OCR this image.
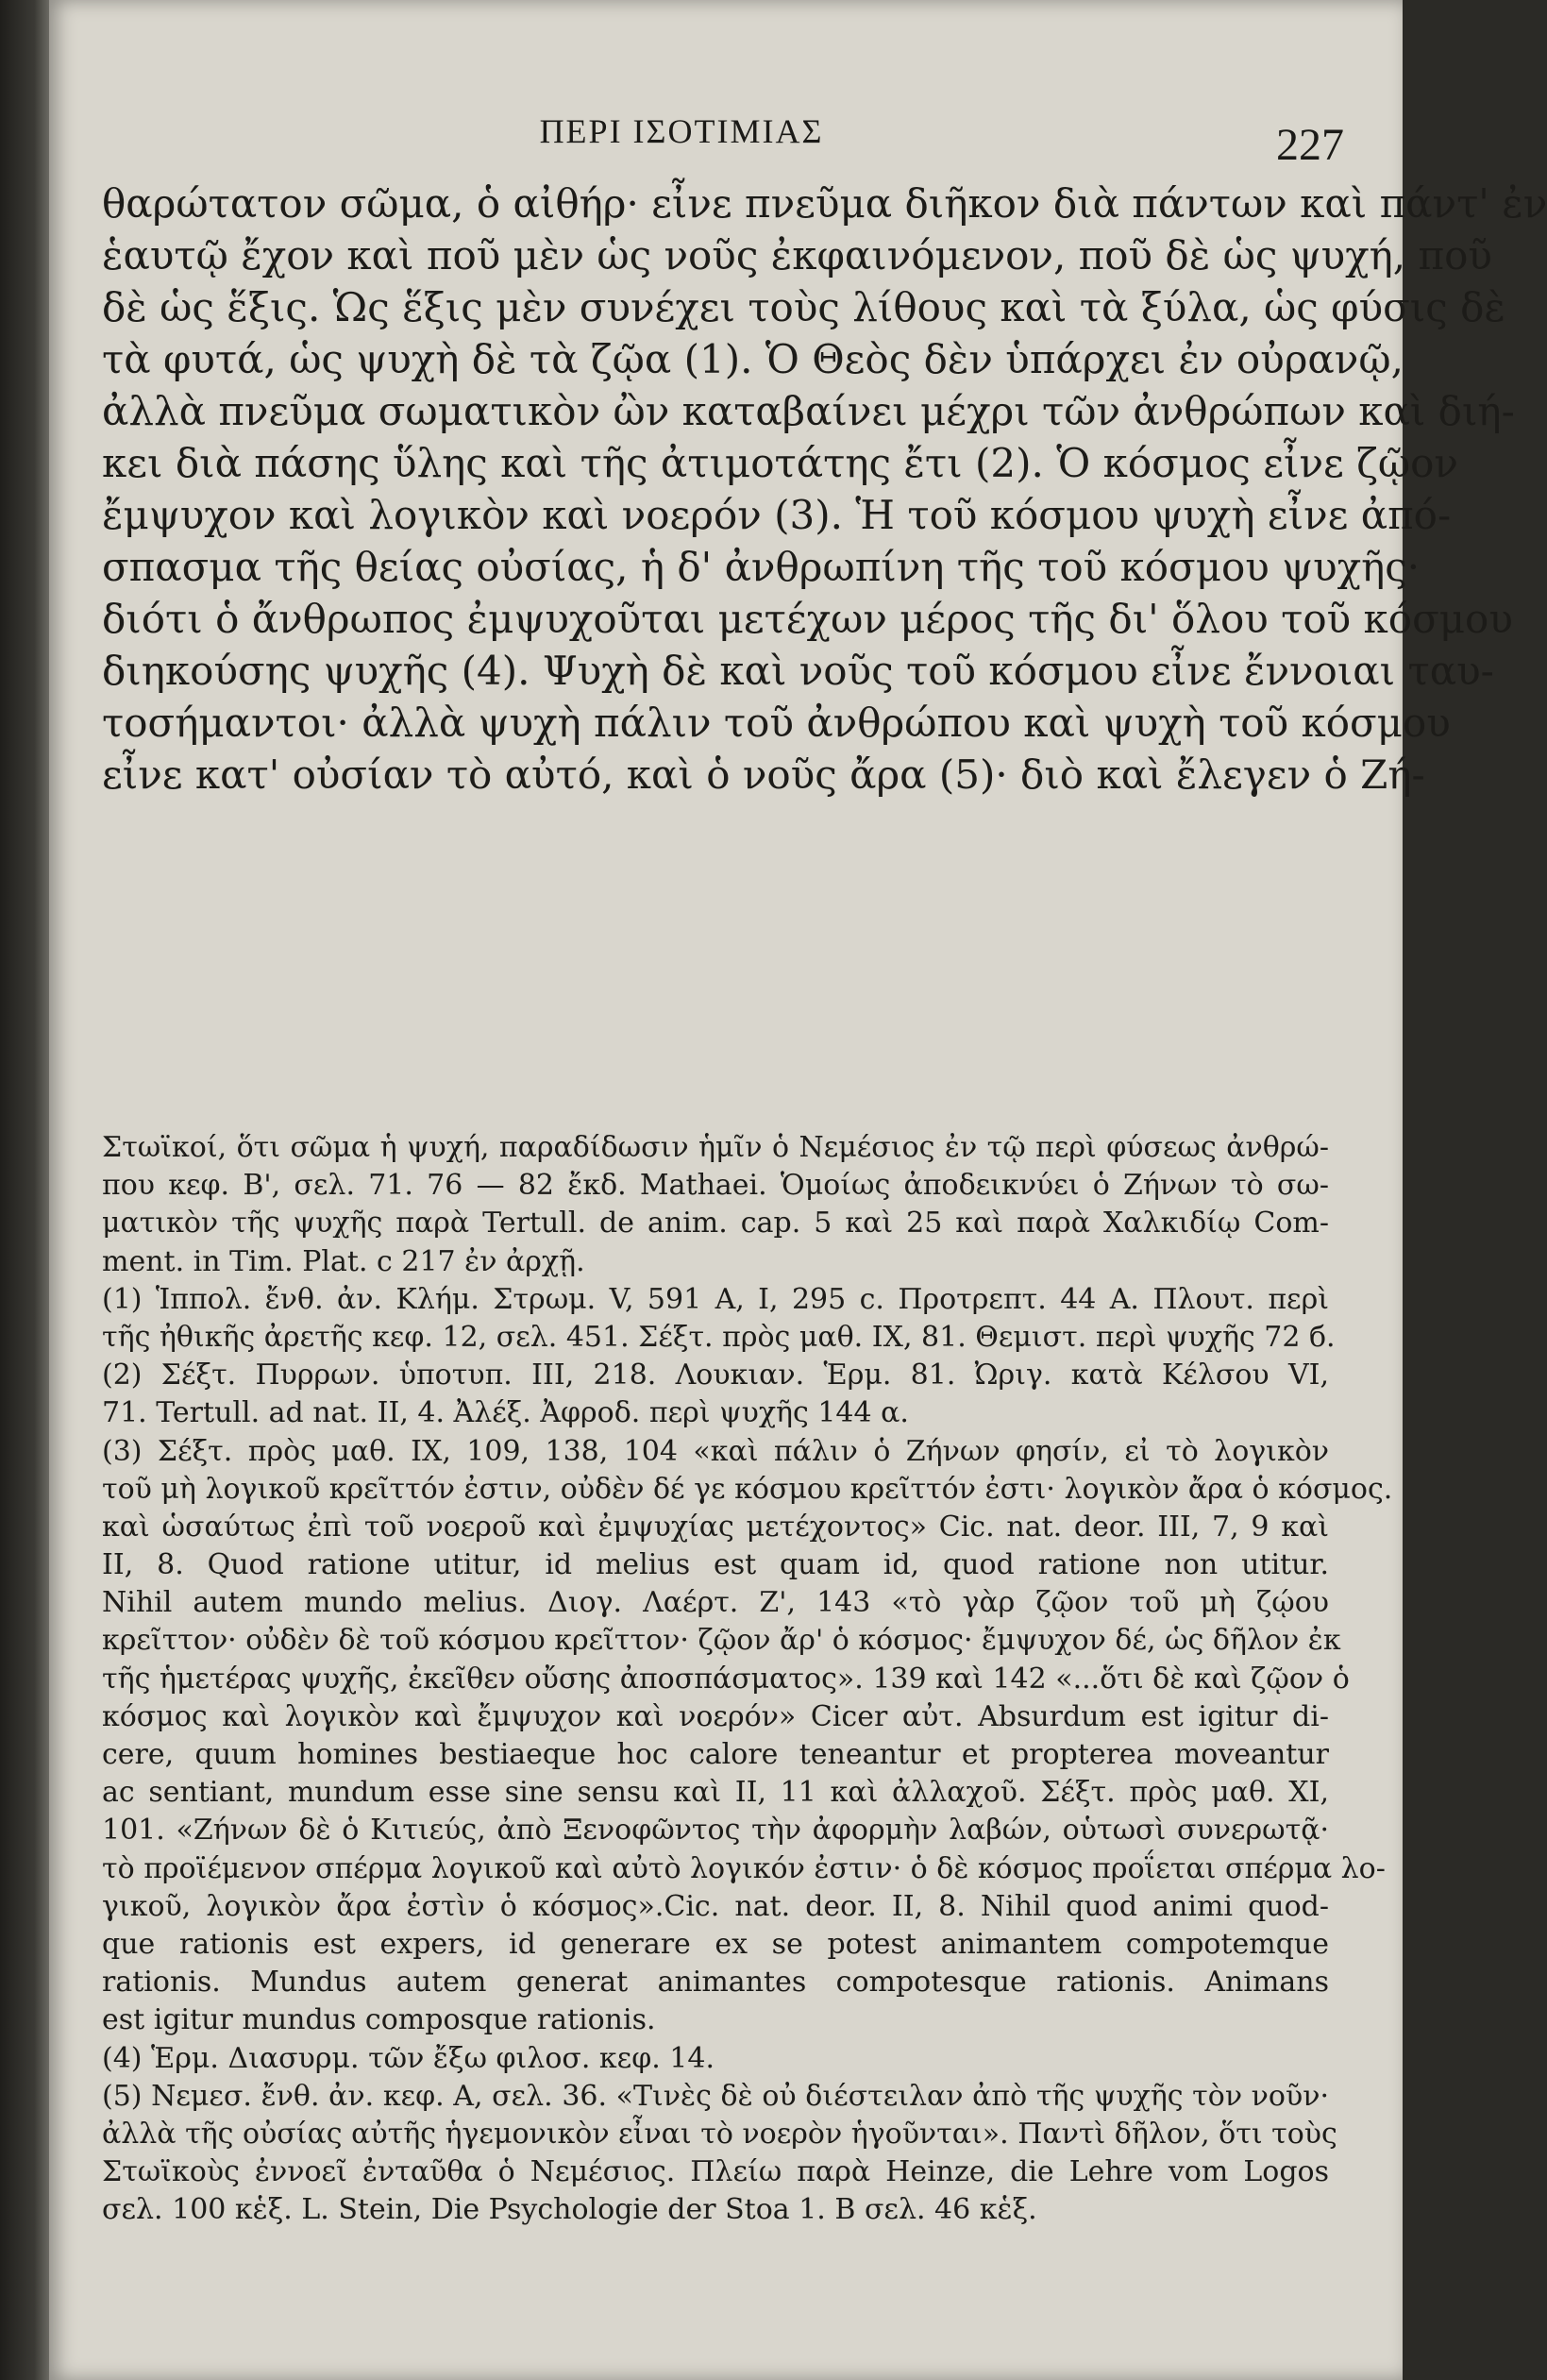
ΠΕΡΙ ΙΣΟΤΙΜΙΑΣ	227
θαρώτατον σῶμα, ὁ αἰθήρ· εἶνε πνεῦμα διῆκον διὰ πάντων καὶ πάντ' ἐν
ἑαυτῷ ἔχον καὶ ποῦ μὲν ὡς νοῦς ἐκφαινόμενον, ποῦ δὲ ὡς ψυχή, ποῦ
δὲ ὡς ἕξις. Ὡς ἕξις μὲν συνέχει τοὺς λίθους καὶ τὰ ξύλα, ὡς φύσις δὲ
τὰ φυτά, ὡς ψυχὴ δὲ τὰ ζῷα (1). Ὁ Θεὸς δὲν ὑπάρχει ἐν οὐρανῷ,
ἀλλὰ πνεῦμα σωματικὸν ὢν καταβαίνει μέχρι τῶν ἀνθρώπων καὶ διή-
κει διὰ πάσης ὕλης καὶ τῆς ἀτιμοτάτης ἔτι (2). Ὁ κόσμος εἶνε ζῷον
ἔμψυχον καὶ λογικὸν καὶ νοερόν (3). Ἡ τοῦ κόσμου ψυχὴ εἶνε ἀπό-
σπασμα τῆς θείας οὐσίας, ἡ δ' ἀνθρωπίνη τῆς τοῦ κόσμου ψυχῆς·
διότι ὁ ἄνθρωπος ἐμψυχοῦται μετέχων μέρος τῆς δι' ὅλου τοῦ κόσμου
διηκούσης ψυχῆς (4). Ψυχὴ δὲ καὶ νοῦς τοῦ κόσμου εἶνε ἔννοιαι ταυ-
τοσήμαντοι· ἀλλὰ ψυχὴ πάλιν τοῦ ἀνθρώπου καὶ ψυχὴ τοῦ κόσμου
εἶνε κατ' οὐσίαν τὸ αὐτό, καὶ ὁ νοῦς ἄρα (5)· διὸ καὶ ἔλεγεν ὁ Ζή-
Στωϊκοί, ὅτι σῶμα ἡ ψυχή, παραδίδωσιν ἡμῖν ὁ Νεμέσιος ἐν τῷ περὶ φύσεως ἀνθρώ-
που κεφ. Β', σελ. 71. 76 — 82 ἔκδ. Mathaei. Ὁμοίως ἀποδεικνύει ὁ Ζήνων τὸ σω-
ματικὸν τῆς ψυχῆς παρὰ Tertull. de anim. cap. 5 καὶ 25 καὶ παρὰ Χαλκιδίῳ Com-
ment. in Tim. Plat. c 217 ἐν ἀρχῇ.
(1) Ἱππολ. ἔνθ. ἀν. Κλήμ. Στρωμ. V, 591 A, I, 295 c. Προτρεπτ. 44 A. Πλουτ. περὶ
τῆς ἠθικῆς ἀρετῆς κεφ. 12, σελ. 451. Σέξτ. πρὸς μαθ. IX, 81. Θεμιστ. περὶ ψυχῆς 72 б.
(2) Σέξτ. Πυρρων. ὑποτυπ. III, 218. Λουκιαν. Ἑρμ. 81. Ὠριγ. κατὰ Κέλσου VI,
71. Tertull. ad nat. II, 4. Ἀλέξ. Ἀφροδ. περὶ ψυχῆς 144 α.
(3) Σέξτ. πρὸς μαθ. IX, 109, 138, 104 «καὶ πάλιν ὁ Ζήνων φησίν, εἰ τὸ λογικὸν
τοῦ μὴ λογικοῦ κρεῖττόν ἐστιν, οὐδὲν δέ γε κόσμου κρεῖττόν ἐστι· λογικὸν ἄρα ὁ κόσμος.
καὶ ὡσαύτως ἐπὶ τοῦ νοεροῦ καὶ ἐμψυχίας μετέχοντος» Cic. nat. deor. III, 7, 9 καὶ
II, 8. Quod ratione utitur, id melius est quam id, quod ratione non utitur.
Nihil autem mundo melius. Διογ. Λαέρτ. Ζ', 143 «τὸ γὰρ ζῷον τοῦ μὴ ζῴου
κρεῖττον· οὐδὲν δὲ τοῦ κόσμου κρεῖττον· ζῷον ἄρ' ὁ κόσμος· ἔμψυχον δέ, ὡς δῆλον ἐκ
τῆς ἡμετέρας ψυχῆς, ἐκεῖθεν οὔσης ἀποσπάσματος». 139 καὶ 142 «...ὅτι δὲ καὶ ζῷον ὁ
κόσμος καὶ λογικὸν καὶ ἔμψυχον καὶ νοερόν» Cicer αὐτ. Absurdum est igitur di-
cere, quum homines bestiaeque hoc calore teneantur et propterea moveantur
ac sentiant, mundum esse sine sensu καὶ II, 11 καὶ ἀλλαχοῦ. Σέξτ. πρὸς μαθ. XI,
101. «Ζήνων δὲ ὁ Κιτιεύς, ἀπὸ Ξενοφῶντος τὴν ἀφορμὴν λαβών, οὑτωσὶ συνερωτᾷ·
τὸ προϊέμενον σπέρμα λογικοῦ καὶ αὐτὸ λογικόν ἐστιν· ὁ δὲ κόσμος προΐεται σπέρμα λο-
γικοῦ, λογικὸν ἄρα ἐστὶν ὁ κόσμος».Cic. nat. deor. II, 8. Nihil quod animi quod-
que rationis est expers, id generare ex se potest animantem compotemque
rationis. Mundus autem generat animantes compotesque rationis. Animans
est igitur mundus composque rationis.
(4) Ἑρμ. Διασυρμ. τῶν ἔξω φιλοσ. κεφ. 14.
(5) Νεμεσ. ἔνθ. ἀν. κεφ. A, σελ. 36. «Τινὲς δὲ οὐ διέστειλαν ἀπὸ τῆς ψυχῆς τὸν νοῦν·
ἀλλὰ τῆς οὐσίας αὐτῆς ἡγεμονικὸν εἶναι τὸ νοερὸν ἡγοῦνται». Παντὶ δῆλον, ὅτι τοὺς
Στωϊκοὺς ἐννοεῖ ἐνταῦθα ὁ Νεμέσιος. Πλείω παρὰ Heinze, die Lehre vom Logos
σελ. 100 κἑξ. L. Stein, Die Psychologie der Stoa 1. B σελ. 46 κἑξ.
